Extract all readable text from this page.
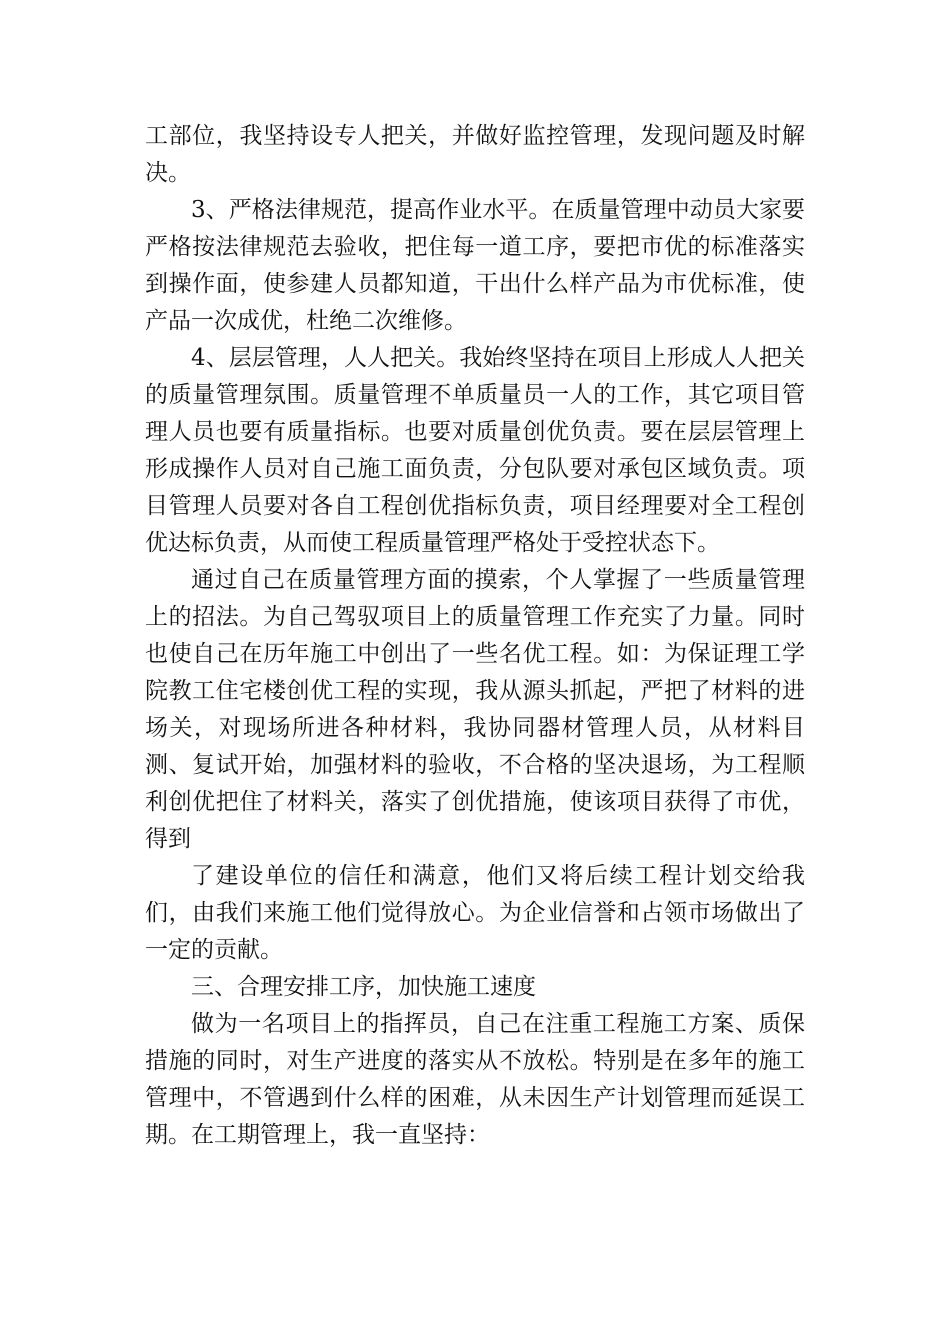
工部位，我坚持设专人把关，并做好监控管理，发现问题及时解决。

3、严格法律规范，提高作业水平。在质量管理中动员大家要严格按法律规范去验收，把住每一道工序，要把市优的标准落实到操作面，使参建人员都知道，干出什么样产品为市优标准，使产品一次成优，杜绝二次维修。

4、层层管理，人人把关。我始终坚持在项目上形成人人把关的质量管理氛围。质量管理不单质量员一人的工作，其它项目管理人员也要有质量指标。也要对质量创优负责。要在层层管理上形成操作人员对自己施工面负责，分包队要对承包区域负责。项目管理人员要对各自工程创优指标负责，项目经理要对全工程创优达标负责，从而使工程质量管理严格处于受控状态下。

通过自己在质量管理方面的摸索，个人掌握了一些质量管理上的招法。为自己驾驭项目上的质量管理工作充实了力量。同时也使自己在历年施工中创出了一些名优工程。如：为保证理工学院教工住宅楼创优工程的实现，我从源头抓起，严把了材料的进场关，对现场所进各种材料，我协同器材管理人员，从材料目测、复试开始，加强材料的验收，不合格的坚决退场，为工程顺利创优把住了材料关，落实了创优措施，使该项目获得了市优，得到

了建设单位的信任和满意，他们又将后续工程计划交给我们，由我们来施工他们觉得放心。为企业信誉和占领市场做出了一定的贡献。

三、合理安排工序，加快施工速度

做为一名项目上的指挥员，自己在注重工程施工方案、质保措施的同时，对生产进度的落实从不放松。特别是在多年的施工管理中，不管遇到什么样的困难，从未因生产计划管理而延误工期。在工期管理上，我一直坚持：
